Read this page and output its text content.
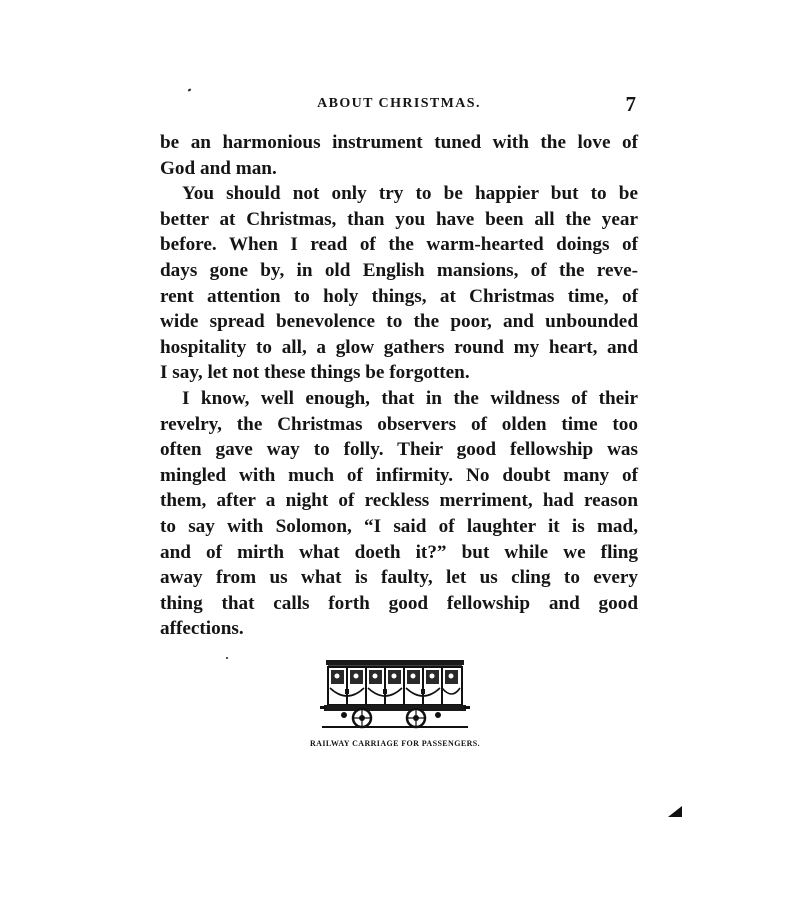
ABOUT CHRISTMAS.	7
be an harmonious instrument tuned with the love of
God and man.
You should not only try to be happier but to be
better at Christmas, than you have been all the year
before. When I read of the warm-hearted doings of
days gone by, in old English mansions, of the reve-
rent attention to holy things, at Christmas time, of
wide spread benevolence to the poor, and unbounded
hospitality to all, a glow gathers round my heart, and
I say, let not these things be forgotten.
I know, well enough, that in the wildness of their
revelry, the Christmas observers of olden time too
often gave way to folly. Their good fellowship was
mingled with much of infirmity. No doubt many of
them, after a night of reckless merriment, had reason
to say with Solomon, “I said of laughter it is mad,
and of mirth what doeth it?” but while we fling
away from us what is faulty, let us cling to every
thing that calls forth good fellowship and good
affections.
RAILWAY CARRIAGE FOR PASSENGERS.
